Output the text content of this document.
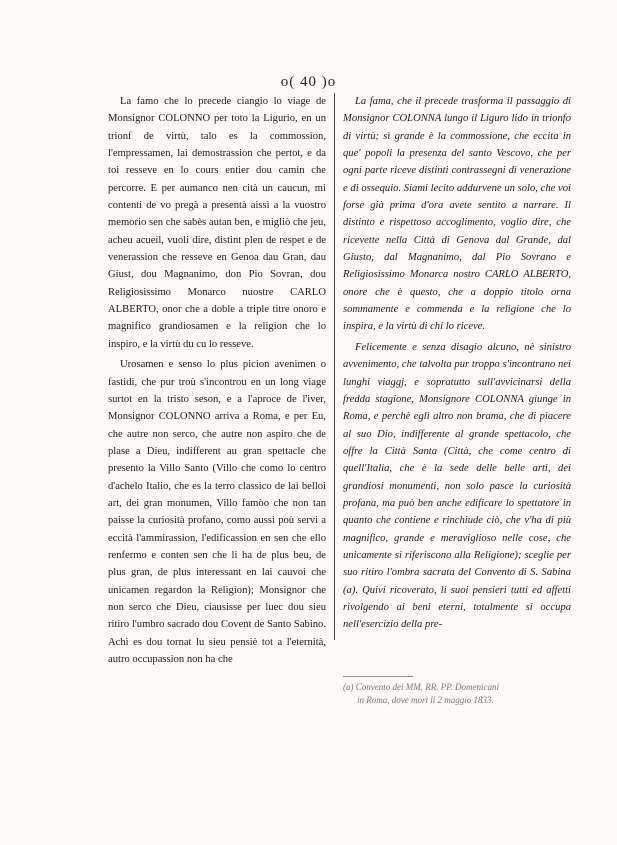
o( 40 )o

La famo che lo precede ciangio lo viage de Monsignor COLONNO per toto la Ligurio, en un trionf de virtù, talo es la commossion, l'empressamen, lai demostrassion che pertot, e da toi resseve en lo cours entier dou camin che percorre. E per aumanco nen cità un caucun, mi contenti de vo pregà a presentà aissì a la vuostro memorio sen che sabès autan ben, e migliò che jeu, acheu acueil, vuoli dire, distint plen de respet e de venerassion che resseve en Genoa dau Gran, dau Giust, dou Magnanimo, don Pio Sovran, dou Religiosissimo Monarco nuostre CARLO ALBERTO, onor che a doble a triple titre onoro e magnifico grandiosamen e la religion che lo inspiro, e la virtù du cu lo resseve.

Urosamen e senso lo plus picion avenimen o fastidi, che pur troù s'incontrou en un long viage surtot en la tristo seson, e a l'aproce de l'iver, Monsignor COLONNO arriva a Roma, e per Eu, che autre non serco, che autre non aspiro che de plase a Dieu, indifferent au gran spettacle che presento la Villo Santo (Villo che como lo centro d'achelo Italio, che es la terro classico de lai belloi art, dei gran monumen, Villo famòo che non tan paisse la curiosità profano, como aussi poù servi a eccità l'ammirassion, l'edificassion en sen che ello renfermo e conten sen che li ha de plus beu, de plus gran, de plus interessant en lai cauvoi che unicamen regardon la Religion); Monsignor che non serco che Dieu, ciausisse per luec dou sieu ritiro l'umbro sacrado dou Covent de Santo Sabino. Achì es dou tornat lu sieu pensiè tot a l'eternità, autro occupassion non ha che

La fama, che il precede trasforma il passaggio di Monsignor COLONNA lungo il Liguro lido in trionfo di virtù; sì grande è la commossione, che eccita in que' popoli la presenza del santo Vescovo, che per ogni parte riceve distinti contrassegni di venerazione e di ossequio. Siami lecito addurvene un solo, che voi forse già prima d'ora avete sentito a narrare. Il distinto e rispettoso accoglimento, voglio dire, che ricevette nella Città di Genova dal Grande, dal Giusto, dal Magnanimo, dal Pio Sovrano e Religiosissimo Monarca nostro CARLO ALBERTO, onore che è questo, che a doppio titolo orna sommamente e commenda e la religione che lo inspira, e la virtù di chi lo riceve.

Felicemente e senza disagio alcuno, nè sinistro avvenimento, che talvolta pur troppo s'incontrano nei lunghi viaggj, e sopratutto sull'avvicinarsi della fredda stagione, Monsignore COLONNA giunge in Roma, e perchè egli altro non brama, che di piacere al suo Dio, indifferente al grande spettacolo, che offre la Città Santa (Città, che come centro di quell'Italia, che è la sede delle belle arti, dei grandiosi monumenti, non solo pasce la curiosità profana, ma può ben anche edificare lo spettatore in quanto che contiene e rinchiude ciò, che v'ha di più magnifico, grande e meraviglioso nelle cose, che unicamente si riferiscono alla Religione); sceglie per suo ritiro l'ombra sacrata del Convento di S. Sabina (a). Quivi ricoverato, li suoi pensieri tutti ed affetti rivolgendo ai beni eterni, totalmente si occupa nell'esercizio della pre-

(a) Convento dei MM. RR. PP. Domenicani
in Roma, dove morì li 2 maggio 1833.
